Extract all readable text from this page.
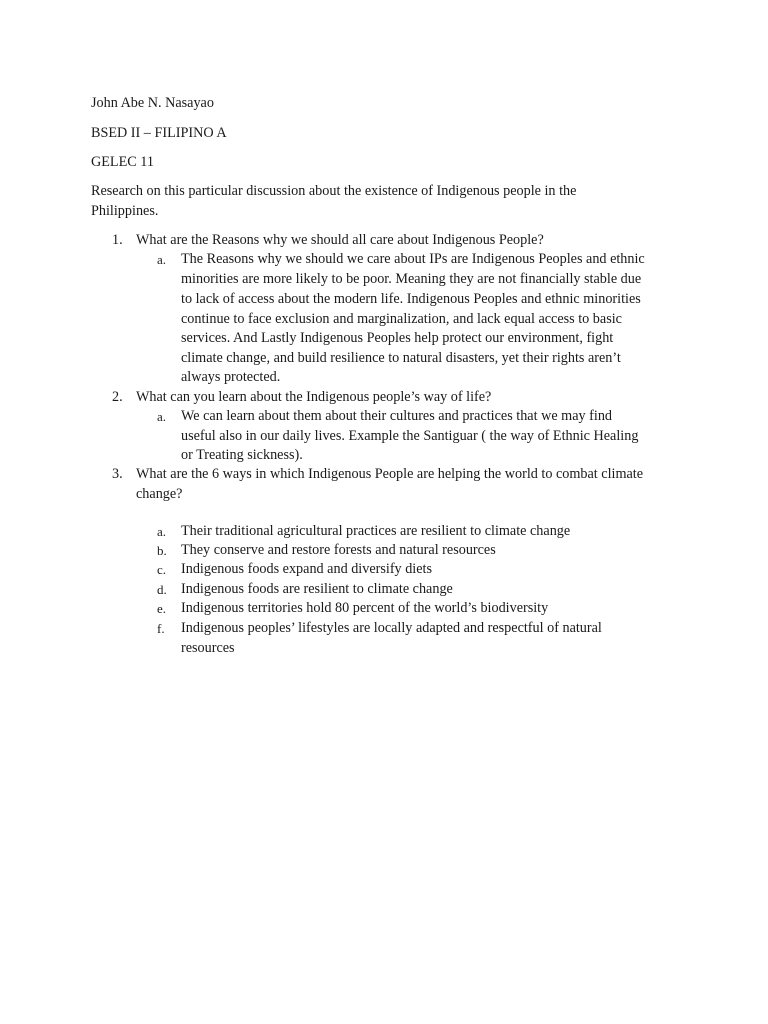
John Abe N. Nasayao
BSED II – FILIPINO A
GELEC 11
Research on this particular discussion about the existence of Indigenous people in the Philippines.
1. What are the Reasons why we should all care about Indigenous People?
a. The Reasons why we should we care about IPs are Indigenous Peoples and ethnic
minorities are more likely to be poor. Meaning they are not financially stable due
to lack of access about the modern life. Indigenous Peoples and ethnic minorities
continue to face exclusion and marginalization, and lack equal access to basic
services. And Lastly Indigenous Peoples help protect our environment, fight
climate change, and build resilience to natural disasters, yet their rights aren’t
always protected.
2. What can you learn about the Indigenous people’s way of life?
a. We can learn about them about their cultures and practices that we may find
useful also in our daily lives. Example the Santiguar ( the way of Ethnic Healing
or Treating sickness).
3. What are the 6 ways in which Indigenous People are helping the world to combat climate change?
a. Their traditional agricultural practices are resilient to climate change
b. They conserve and restore forests and natural resources
c. Indigenous foods expand and diversify diets
d. Indigenous foods are resilient to climate change
e. Indigenous territories hold 80 percent of the world’s biodiversity
f. Indigenous peoples’ lifestyles are locally adapted and respectful of natural
resources
